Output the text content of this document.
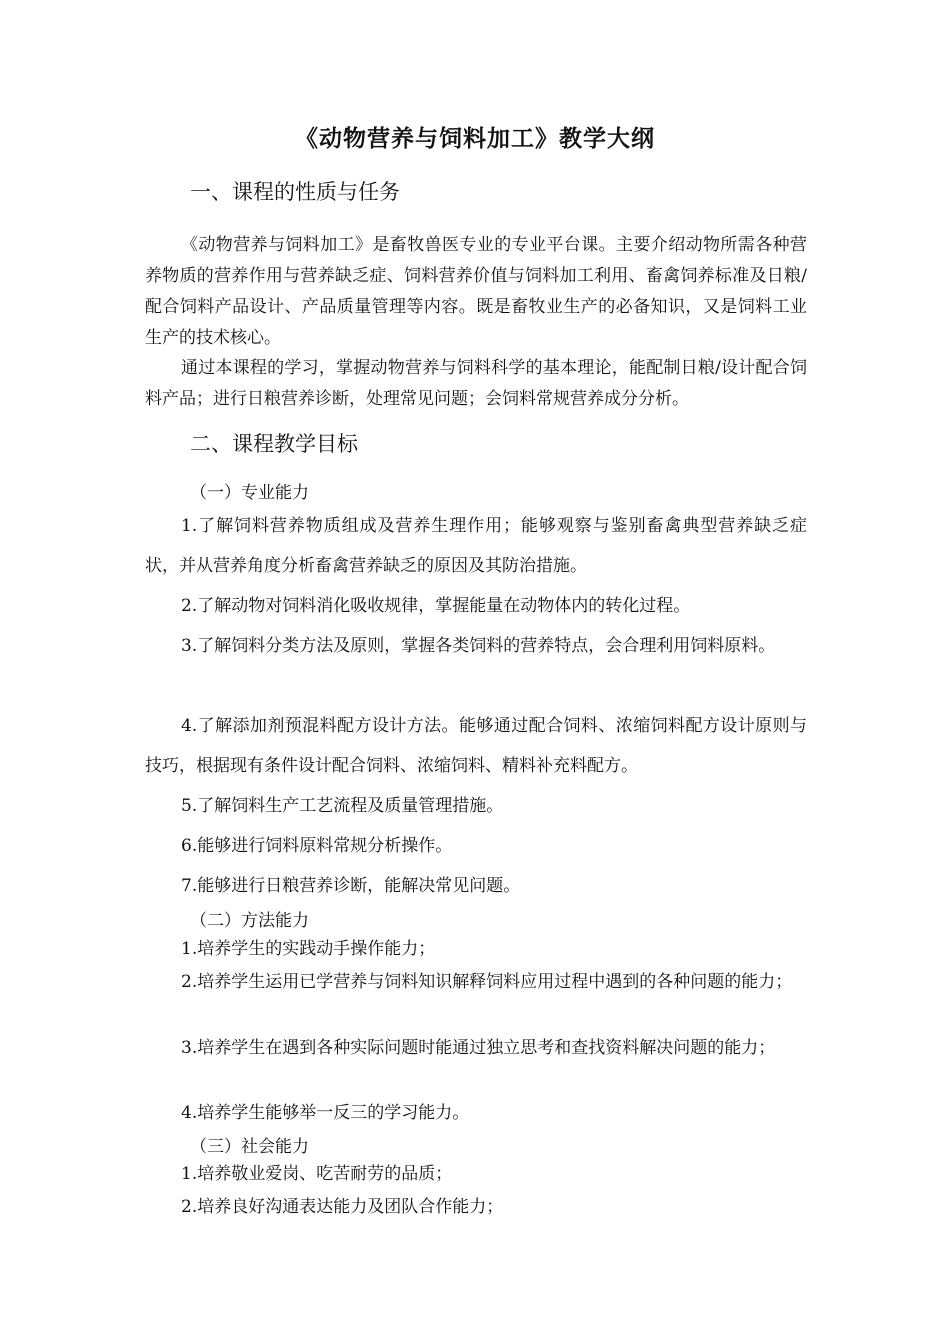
《动物营养与饲料加工》教学大纲
一、课程的性质与任务
《动物营养与饲料加工》是畜牧兽医专业的专业平台课。主要介绍动物所需各种营养物质的营养作用与营养缺乏症、饲料营养价值与饲料加工利用、畜禽饲养标准及日粮/配合饲料产品设计、产品质量管理等内容。既是畜牧业生产的必备知识，又是饲料工业生产的技术核心。
通过本课程的学习，掌握动物营养与饲料科学的基本理论，能配制日粮/设计配合饲料产品；进行日粮营养诊断，处理常见问题；会饲料常规营养成分分析。
二、课程教学目标
（一）专业能力
1.了解饲料营养物质组成及营养生理作用；能够观察与鉴别畜禽典型营养缺乏症状，并从营养角度分析畜禽营养缺乏的原因及其防治措施。
2.了解动物对饲料消化吸收规律，掌握能量在动物体内的转化过程。
3.了解饲料分类方法及原则，掌握各类饲料的营养特点，会合理利用饲料原料。
4.了解添加剂预混料配方设计方法。能够通过配合饲料、浓缩饲料配方设计原则与技巧，根据现有条件设计配合饲料、浓缩饲料、精料补充料配方。
5.了解饲料生产工艺流程及质量管理措施。
6.能够进行饲料原料常规分析操作。
7.能够进行日粮营养诊断，能解决常见问题。
（二）方法能力
1.培养学生的实践动手操作能力；
2.培养学生运用已学营养与饲料知识解释饲料应用过程中遇到的各种问题的能力；
3.培养学生在遇到各种实际问题时能通过独立思考和查找资料解决问题的能力；
4.培养学生能够举一反三的学习能力。
（三）社会能力
1.培养敬业爱岗、吃苦耐劳的品质；
2.培养良好沟通表达能力及团队合作能力；
